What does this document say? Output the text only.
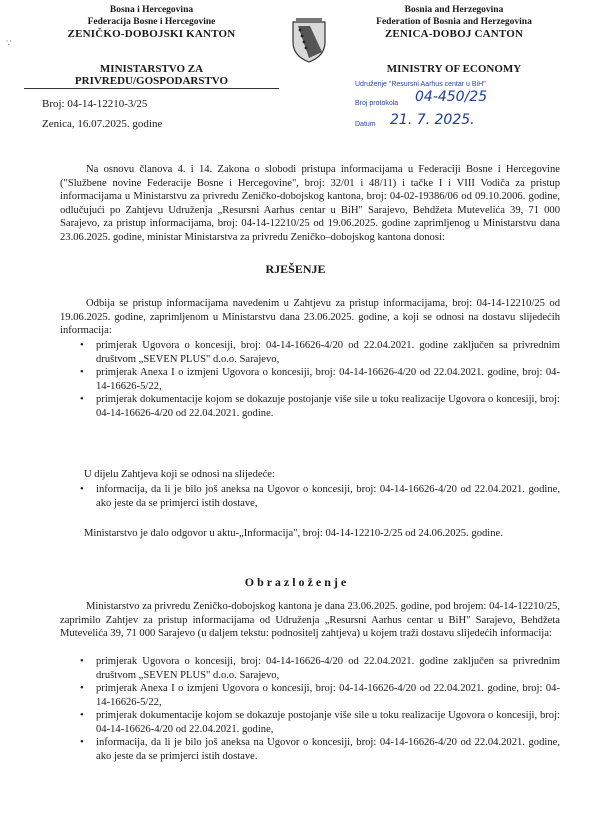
∵
Bosna i Hercegovina
Federacija Bosne i Hercegovine
ZENIČKO-DOBOJSKI KANTON
MINISTARSTVO ZA PRIVREDU/GOSPODARSTVO
Bosnia and Herzegovina
Federation of Bosnia and Herzegovina
ZENICA-DOBOJ CANTON
MINISTRY OF ECONOMY
Udruženje "Resursni Aarhus centar u BiH"
Broj protokola
Datum
04-450/25
21. 7. 2025.
Broj: 04-14-12210-3/25
Zenica, 16.07.2025. godine
Na osnovu članova 4. i 14. Zakona o slobodi pristupa informacijama u Federaciji Bosne i Hercegovine ("Službene novine Federacije Bosne i Hercegovine", broj: 32/01 i 48/11) i tačke I i VIII Vodiča za pristup informacijama u Ministarstvu za privredu Zeničko-dobojskog kantona, broj: 04-02-19386/06 od 09.10.2006. godine, odlučujući po Zahtjevu Udruženja „Resursni Aarhus centar u BiH" Sarajevo, Behdžeta Mutevelića 39, 71 000 Sarajevo, za pristup informacijama, broj: 04-14-12210/25 od 19.06.2025. godine zaprimljenog u Ministarstvu dana 23.06.2025. godine, ministar Ministarstva za privredu Zeničko–dobojskog kantona donosi:
RJEŠENJE
Odbija se pristup informacijama navedenim u Zahtjevu za pristup informacijama, broj: 04-14-12210/25 od 19.06.2025. godine, zaprimljenom u Ministarstvu dana 23.06.2025. godine, a koji se odnosi na dostavu slijedećih informacija:
• primjerak Ugovora o koncesiji, broj: 04-14-16626-4/20 od 22.04.2021. godine zaključen sa privrednim društvom „SEVEN PLUS" d.o.o. Sarajevo,
• primjerak Anexa I o izmjeni Ugovora o koncesiji, broj: 04-14-16626-4/20 od 22.04.2021. godine, broj: 04-14-16626-5/22,
• primjerak dokumentacije kojom se dokazuje postojanje više sile u toku realizacije Ugovora o koncesiji, broj: 04-14-16626-4/20 od 22.04.2021. godine.
U dijelu Zahtjeva koji se odnosi na slijedeće:
• informacija, da li je bilo još aneksa na Ugovor o koncesiji, broj: 04-14-16626-4/20 od 22.04.2021. godine, ako jeste da se primjerci istih dostave,
Ministarstvo je dalo odgovor u aktu-„Informacija", broj: 04-14-12210-2/25 od 24.06.2025. godine.
O b r a z l o ž e n j e
Ministarstvo za privredu Zeničko-dobojskog kantona je dana 23.06.2025. godine, pod brojem: 04-14-12210/25, zaprimilo Zahtjev za pristup informacijama od Udruženja „Resursni Aarhus centar u BiH" Sarajevo, Behdžeta Mutevelića 39, 71 000 Sarajevo (u daljem tekstu: podnositelj zahtjeva) u kojem traži dostavu slijedećih informacija:
• primjerak Ugovora o koncesiji, broj: 04-14-16626-4/20 od 22.04.2021. godine zaključen sa privrednim društvom „SEVEN PLUS" d.o.o. Sarajevo,
• primjerak Anexa I o izmjeni Ugovora o koncesiji, broj: 04-14-16626-4/20 od 22.04.2021. godine, broj: 04-14-16626-5/22,
• primjerak dokumentacije kojom se dokazuje postojanje više sile u toku realizacije Ugovora o koncesiji, broj: 04-14-16626-4/20 od 22.04.2021. godine,
• informacija, da li je bilo još aneksa na Ugovor o koncesiji, broj: 04-14-16626-4/20 od 22.04.2021. godine, ako jeste da se primjerci istih dostave.
